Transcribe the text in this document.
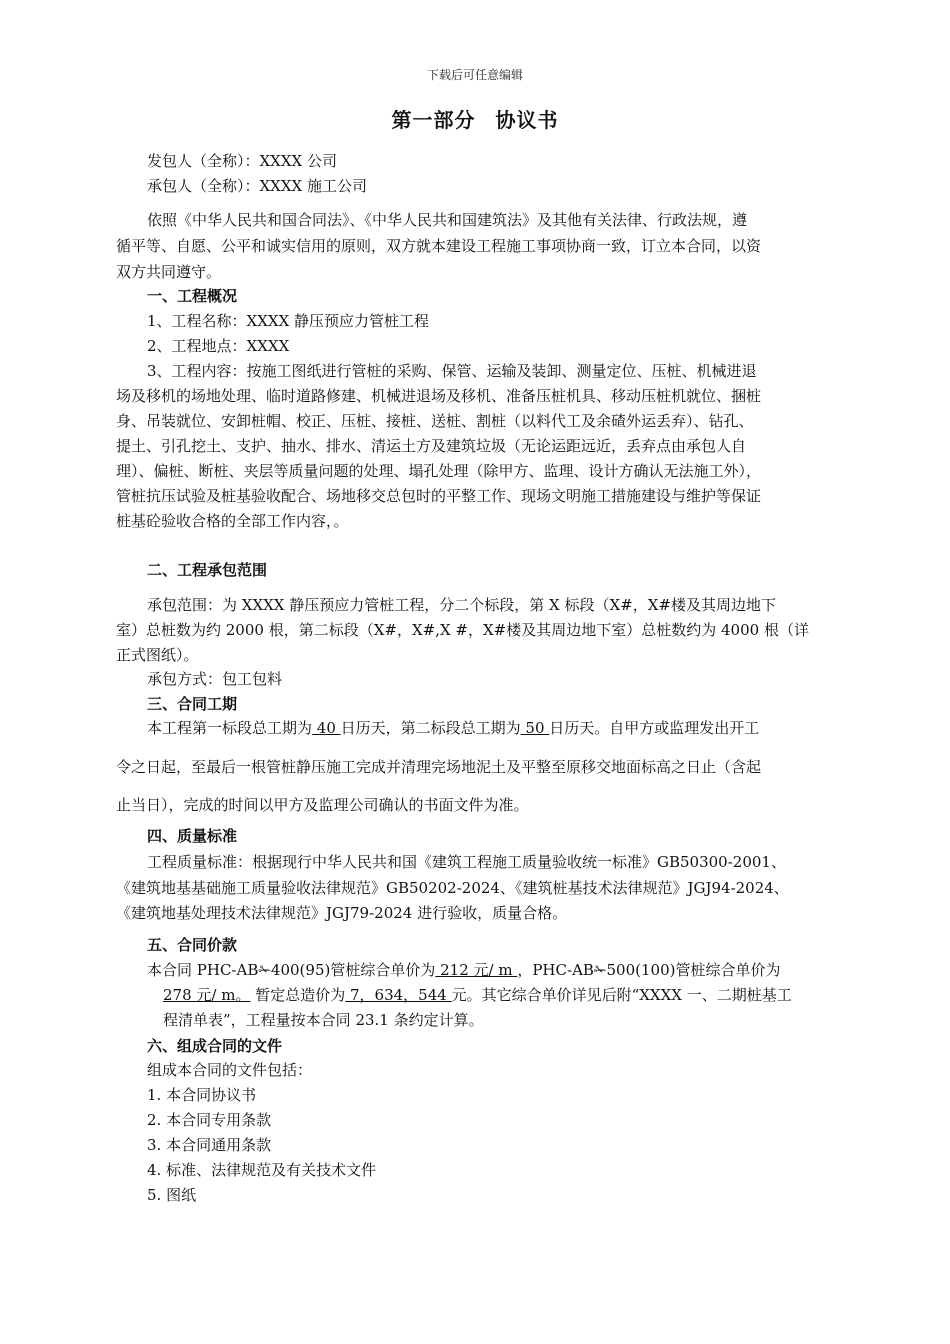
下载后可任意编辑
第一部分 协议书
发包人（全称）：XXXX 公司
承包人（全称）：XXXX 施工公司
依照《中华人民共和国合同法》、《中华人民共和国建筑法》及其他有关法律、行政法规，遵
循平等、自愿、公平和诚实信用的原则，双方就本建设工程施工事项协商一致，订立本合同，以资
双方共同遵守。
一、工程概况
1、工程名称：XXXX 静压预应力管桩工程
2、工程地点：XXXX
3、工程内容：按施工图纸进行管桩的采购、保管、运输及装卸、测量定位、压桩、机械进退
场及移机的场地处理、临时道路修建、机械进退场及移机、准备压桩机具、移动压桩机就位、捆桩
身、吊装就位、安卸桩帽、校正、压桩、接桩、送桩、割桩（以料代工及余碴外运丢弃）、钻孔、
提土、引孔挖土、支护、抽水、排水、清运土方及建筑垃圾（无论运距远近，丢弃点由承包人自
理）、偏桩、断桩、夹层等质量问题的处理、塌孔处理（除甲方、监理、设计方确认无法施工外），
管桩抗压试验及桩基验收配合、场地移交总包时的平整工作、现场文明施工措施建设与维护等保证
桩基砼验收合格的全部工作内容，。
二、工程承包范围
承包范围：为 XXXX 静压预应力管桩工程，分二个标段，第 X 标段（X#，X#楼及其周边地下
室）总桩数为约 2000 根，第二标段（X#，X#,X #，X#楼及其周边地下室）总桩数约为 4000 根（详
正式图纸）。
承包方式：包工包料
三、合同工期
本工程第一标段总工期为 40 日历天，第二标段总工期为 50 日历天。自甲方或监理发出开工
令之日起，至最后一根管桩静压施工完成并清理完场地泥土及平整至原移交地面标高之日止（含起
止当日），完成的时间以甲方及监理公司确认的书面文件为准。
四、质量标准
工程质量标准：根据现行中华人民共和国《建筑工程施工质量验收统一标准》GB50300-2001、
《建筑地基基础施工质量验收法律规范》GB50202-2024、《建筑桩基技术法律规范》JGJ94-2024、
《建筑地基处理技术法律规范》JGJ79-2024 进行验收，质量合格。
五、合同价款
本合同 PHC-AB✁400(95)管桩综合单价为 212 元/ m ，PHC-AB✁500(100)管桩综合单价为
278 元/ m。 暂定总造价为 7，634，544 元。其它综合单价详见后附“XXXX 一、二期桩基工
程清单表”，工程量按本合同 23.1 条约定计算。
六、组成合同的文件
组成本合同的文件包括：
1. 本合同协议书
2. 本合同专用条款
3. 本合同通用条款
4. 标准、法律规范及有关技术文件
5. 图纸
